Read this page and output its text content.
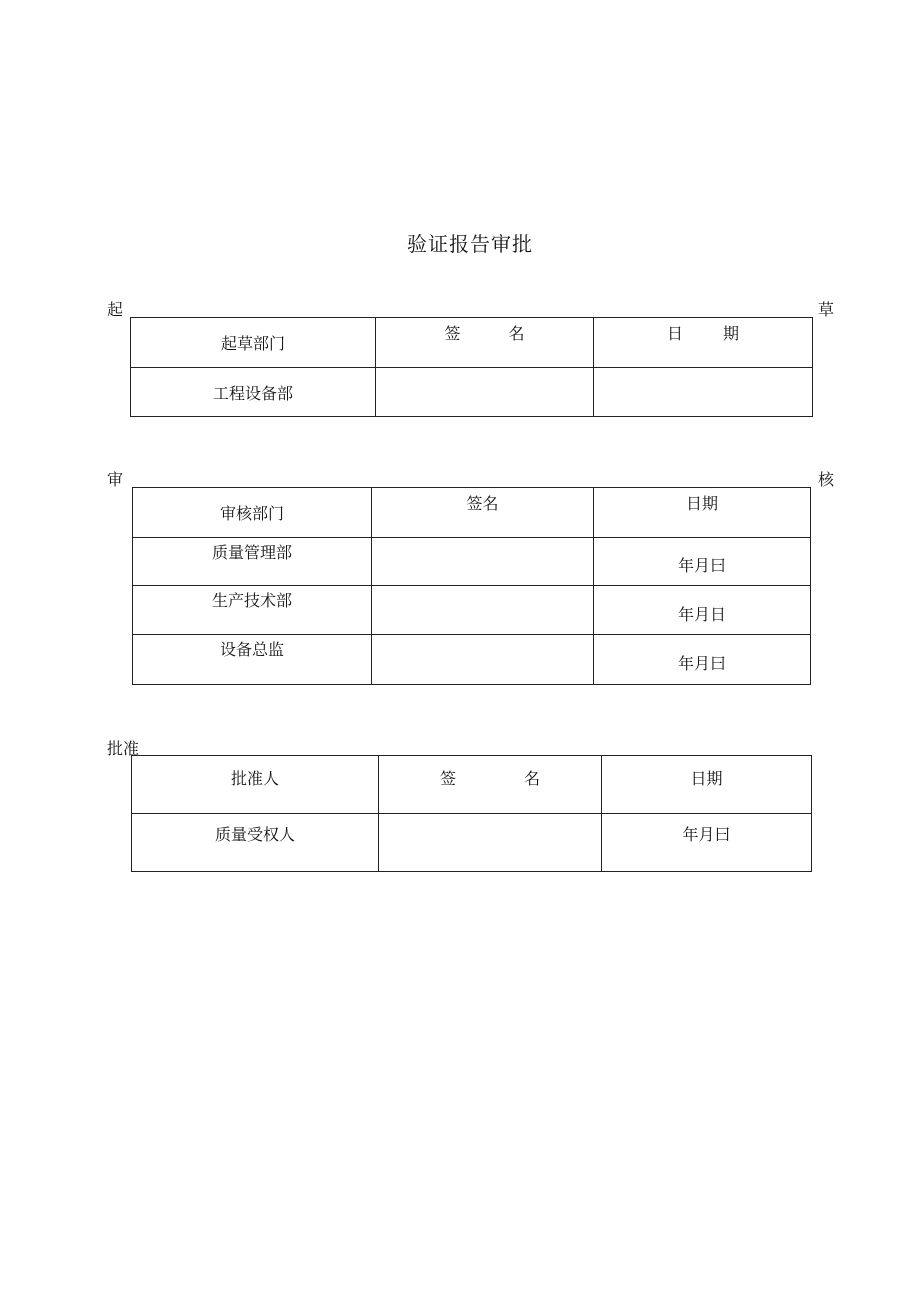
验证报告审批
起	草
起草部门	签 名	日 期
工程设备部		
审	核
审核部门	签名	日期
质量管理部		年月曰
生产技术部		年月日
设备总监		年月曰
批准
批准人	签 名	日期
质量受权人		年月曰
